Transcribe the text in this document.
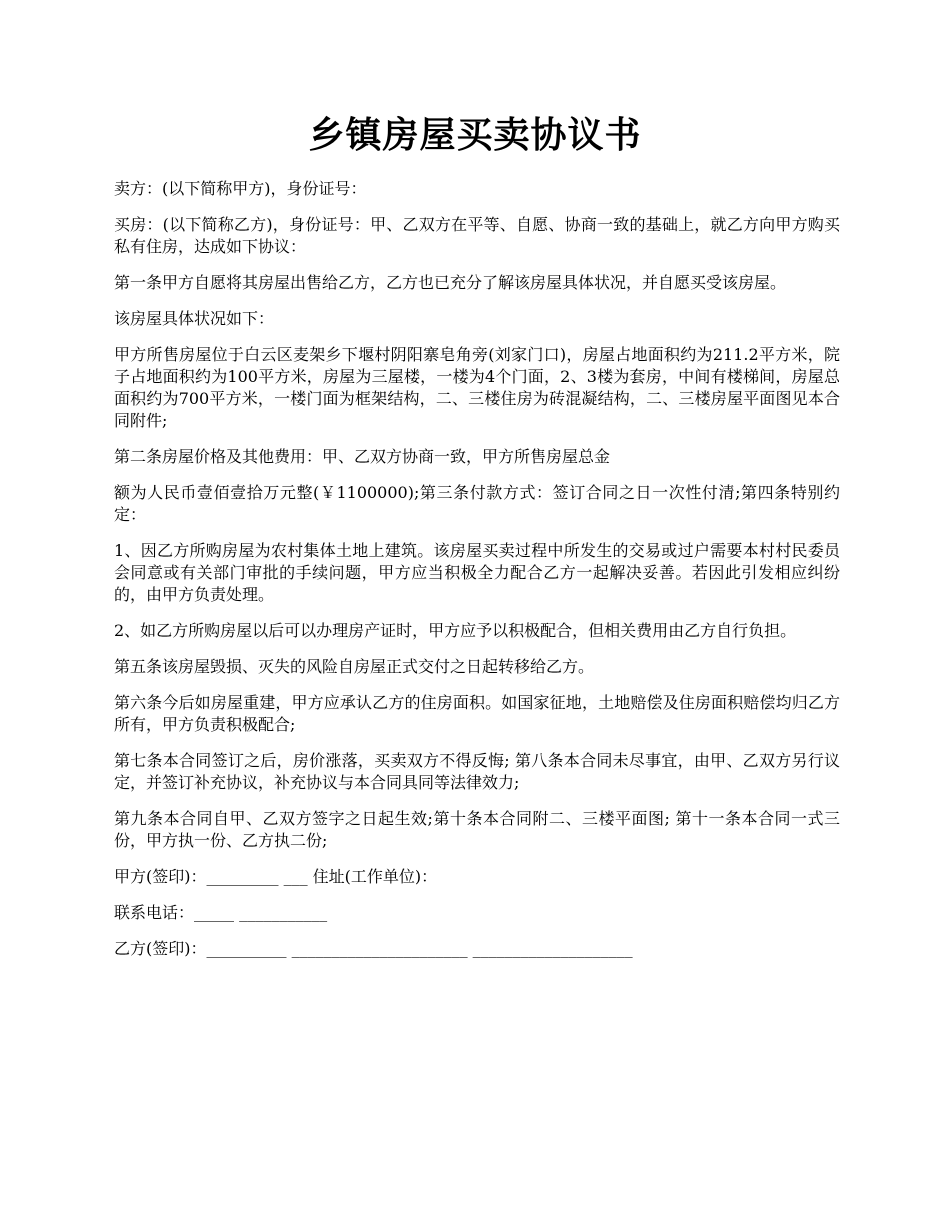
乡镇房屋买卖协议书

卖方：(以下简称甲方)，身份证号：

买房：(以下简称乙方)，身份证号：甲、乙双方在平等、自愿、协商一致的基础上，就乙方向甲方购买私有住房，达成如下协议：

第一条甲方自愿将其房屋出售给乙方，乙方也已充分了解该房屋具体状况，并自愿买受该房屋。

该房屋具体状况如下：

甲方所售房屋位于白云区麦架乡下堰村阴阳寨皂角旁(刘家门口)，房屋占地面积约为211.2平方米，院子占地面积约为100平方米，房屋为三屋楼，一楼为4个门面，2、3楼为套房，中间有楼梯间，房屋总面积约为700平方米，一楼门面为框架结构，二、三楼住房为砖混凝结构，二、三楼房屋平面图见本合同附件;

第二条房屋价格及其他费用：甲、乙双方协商一致，甲方所售房屋总金

额为人民币壹佰壹拾万元整(￥1100000);第三条付款方式：签订合同之日一次性付清;第四条特别约定：

1、因乙方所购房屋为农村集体土地上建筑。该房屋买卖过程中所发生的交易或过户需要本村村民委员会同意或有关部门审批的手续问题，甲方应当积极全力配合乙方一起解决妥善。若因此引发相应纠纷的，由甲方负责处理。

2、如乙方所购房屋以后可以办理房产证时，甲方应予以积极配合，但相关费用由乙方自行负担。

第五条该房屋毁损、灭失的风险自房屋正式交付之日起转移给乙方。

第六条今后如房屋重建，甲方应承认乙方的住房面积。如国家征地，土地赔偿及住房面积赔偿均归乙方所有，甲方负责积极配合;

第七条本合同签订之后，房价涨落，买卖双方不得反悔; 第八条本合同未尽事宜，由甲、乙双方另行议定，并签订补充协议，补充协议与本合同具同等法律效力;

第九条本合同自甲、乙双方签字之日起生效;第十条本合同附二、三楼平面图; 第十一条本合同一式三份，甲方执一份、乙方执二份;

甲方(签印)：_________ ___ 住址(工作单位)：

联系电话：_____ ___________

乙方(签印)：__________ ______________________ ____________________
